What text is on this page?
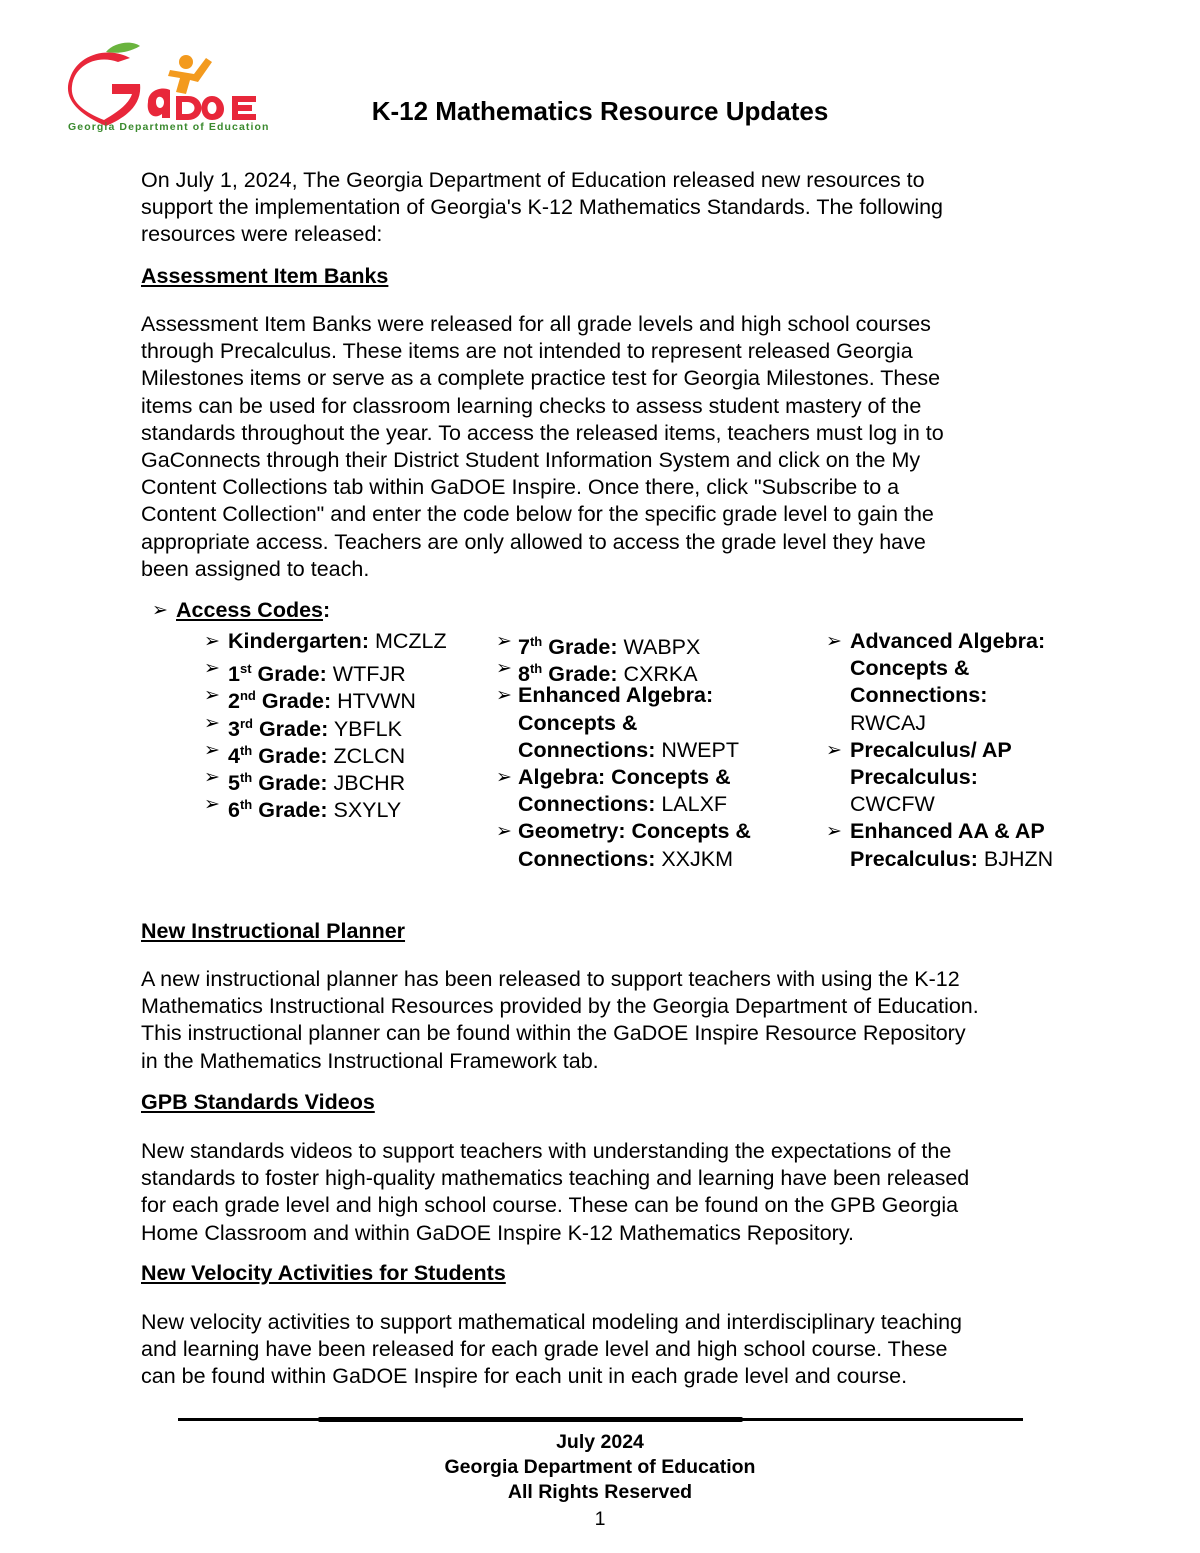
Georgia Department of Education
K-12 Mathematics Resource Updates
On July 1, 2024, The Georgia Department of Education released new resources to
support the implementation of Georgia's K-12 Mathematics Standards. The following
resources were released:
Assessment Item Banks
Assessment Item Banks were released for all grade levels and high school courses
through Precalculus. These items are not intended to represent released Georgia
Milestones items or serve as a complete practice test for Georgia Milestones. These
items can be used for classroom learning checks to assess student mastery of the
standards throughout the year. To access the released items, teachers must log in to
GaConnects through their District Student Information System and click on the My
Content Collections tab within GaDOE Inspire. Once there, click "Subscribe to a
Content Collection" and enter the code below for the specific grade level to gain the
appropriate access. Teachers are only allowed to access the grade level they have
been assigned to teach.
➢ Access Codes:
➢ Kindergarten: MCZLZ
➢ 1st Grade: WTFJR
➢ 2nd Grade: HTVWN
➢ 3rd Grade: YBFLK
➢ 4th Grade: ZCLCN
➢ 5th Grade: JBCHR
➢ 6th Grade: SXYLY
➢ 7th Grade: WABPX
➢ 8th Grade: CXRKA
➢ Enhanced Algebra:
Concepts &
Connections: NWEPT
➢ Algebra: Concepts &
Connections: LALXF
➢ Geometry: Concepts &
Connections: XXJKM
➢ Advanced Algebra:
Concepts &
Connections:
RWCAJ
➢ Precalculus/ AP
Precalculus:
CWCFW
➢ Enhanced AA & AP
Precalculus: BJHZN
New Instructional Planner
A new instructional planner has been released to support teachers with using the K-12
Mathematics Instructional Resources provided by the Georgia Department of Education.
This instructional planner can be found within the GaDOE Inspire Resource Repository
in the Mathematics Instructional Framework tab.
GPB Standards Videos
New standards videos to support teachers with understanding the expectations of the
standards to foster high-quality mathematics teaching and learning have been released
for each grade level and high school course. These can be found on the GPB Georgia
Home Classroom and within GaDOE Inspire K-12 Mathematics Repository.
New Velocity Activities for Students
New velocity activities to support mathematical modeling and interdisciplinary teaching
and learning have been released for each grade level and high school course. These
can be found within GaDOE Inspire for each unit in each grade level and course.
July 2024
Georgia Department of Education
All Rights Reserved
1
